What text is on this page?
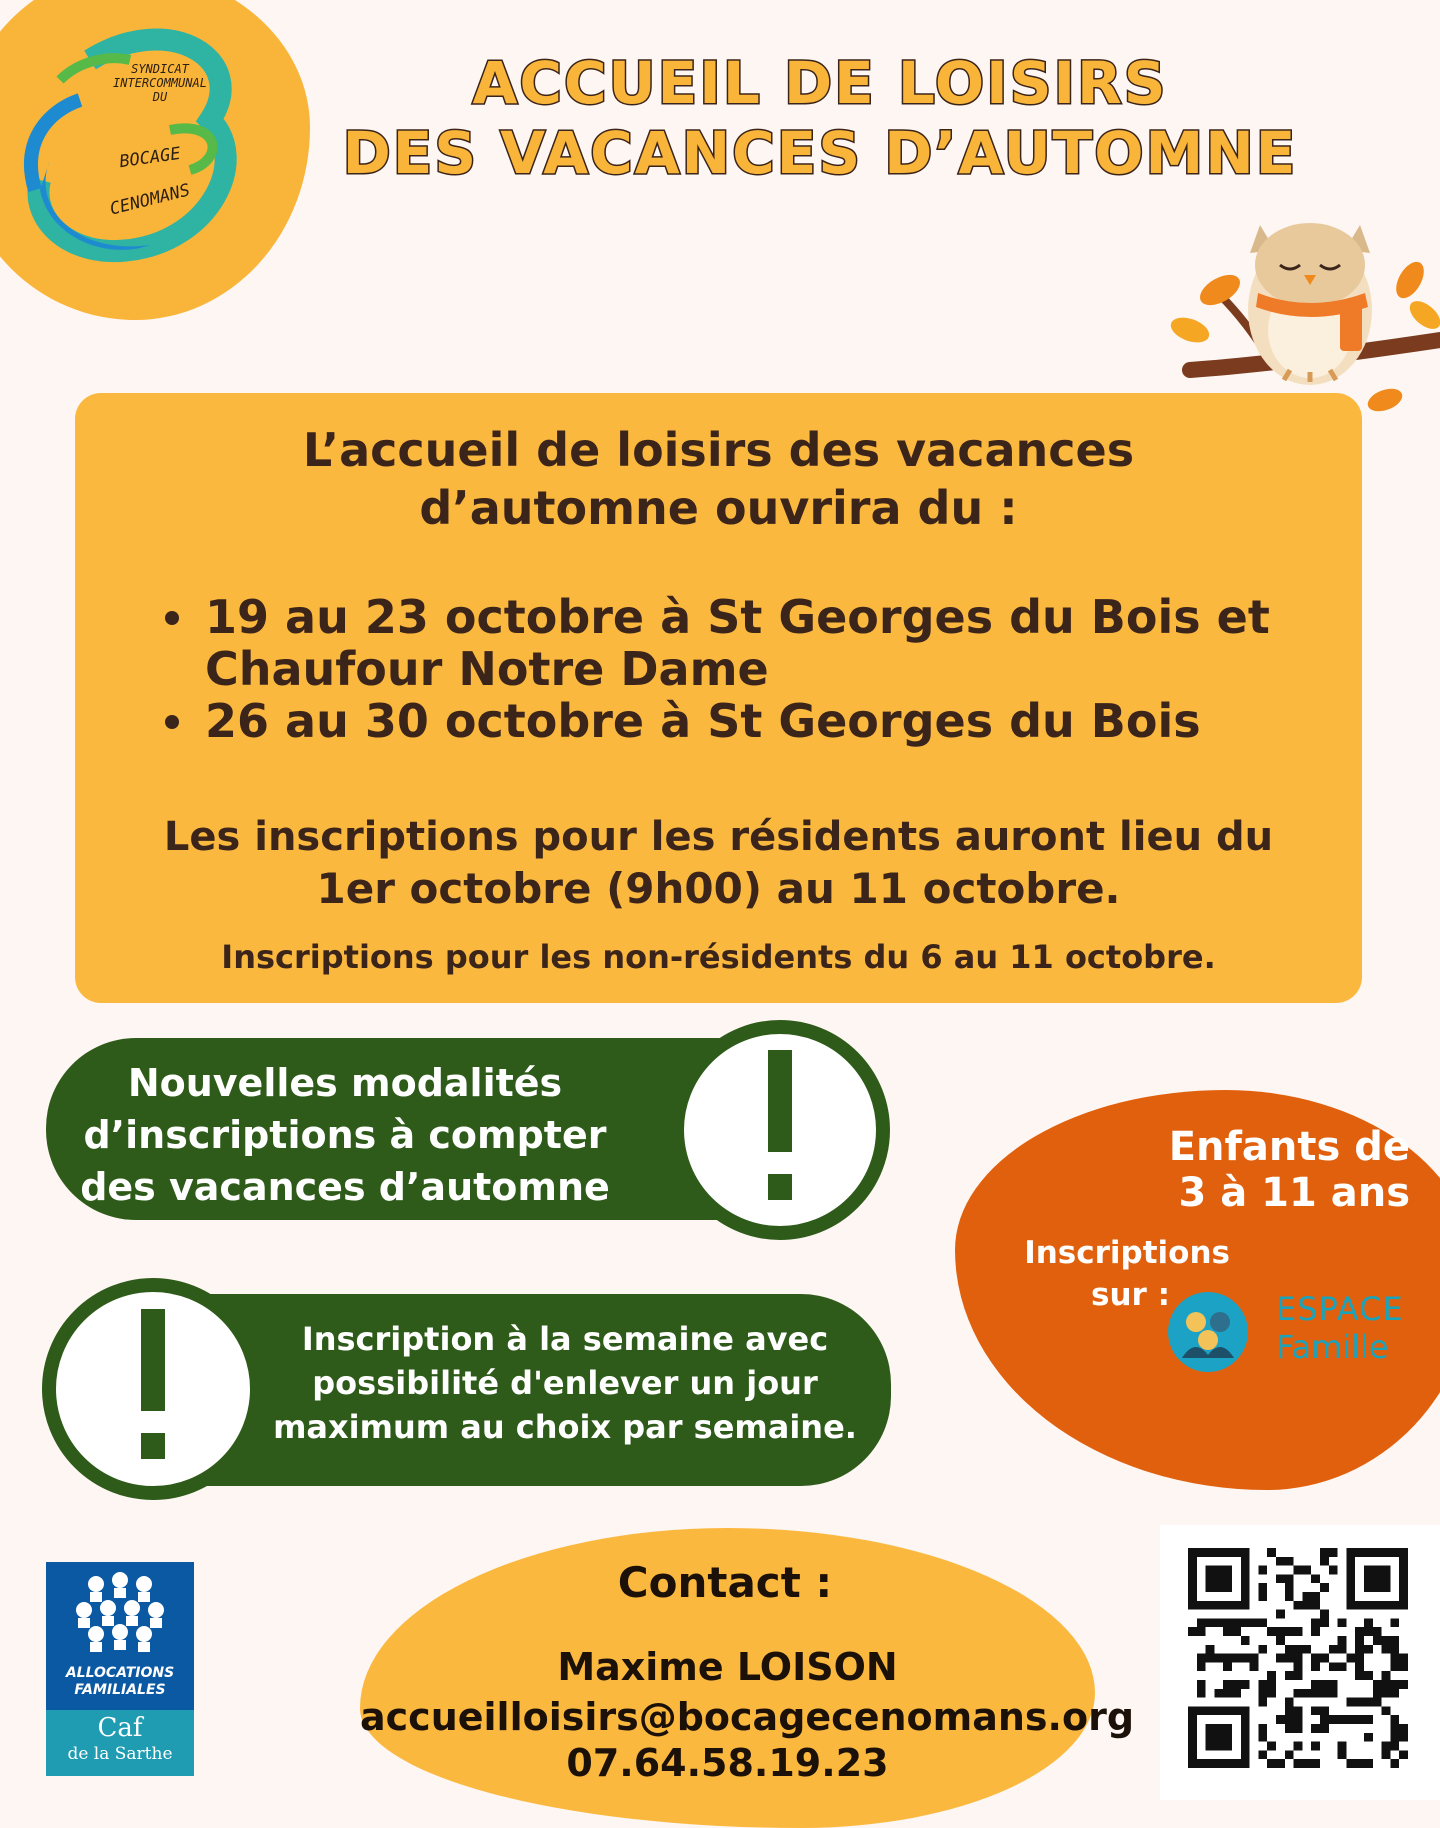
SYNDICAT
INTERCOMMUNAL
DU
BOCAGE
CENOMANS
ACCUEIL DE LOISIRS
DES VACANCES D’AUTOMNE
L’accueil de loisirs des vacances
d’automne ouvrira du :
19 au 23 octobre à St Georges du Bois et
Chaufour Notre Dame
26 au 30 octobre à St Georges du Bois
Les inscriptions pour les résidents auront lieu du
1er octobre (9h00) au 11 octobre.
Inscriptions pour les non-résidents du 6 au 11 octobre.
Nouvelles modalités
d’inscriptions à compter
des vacances d’automne
Inscription à la semaine avec
possibilité d'enlever un jour
maximum au choix par semaine.
Enfants de
3 à 11 ans
Inscriptions
sur :	ESPACE
Famille
Contact :
Maxime LOISON
accueilloisirs@bocagecenomans.org
07.64.58.19.23
ALLOCATIONS
FAMILIALES
Caf
de la Sarthe
